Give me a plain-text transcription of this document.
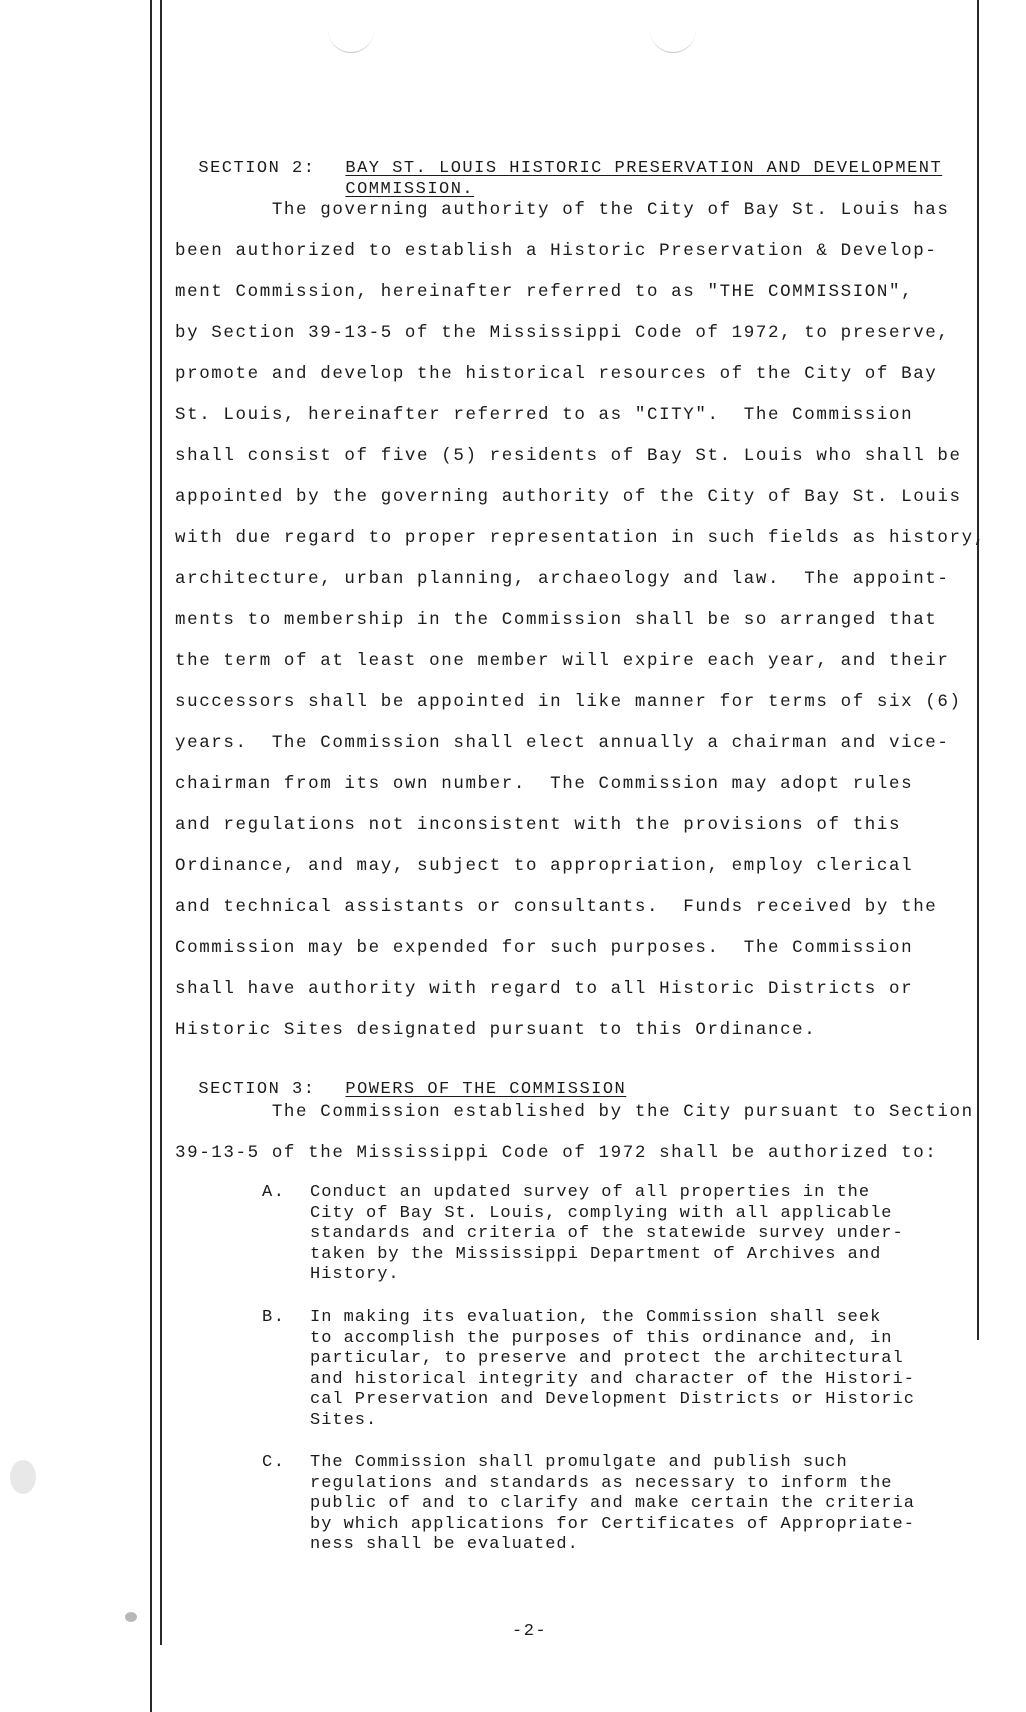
SECTION 2:	BAY ST. LOUIS HISTORIC PRESERVATION AND DEVELOPMENT

COMMISSION.

The governing authority of the City of Bay St. Louis has
been authorized to establish a Historic Preservation & Develop-
ment Commission, hereinafter referred to as "THE COMMISSION",
by Section 39-13-5 of the Mississippi Code of 1972, to preserve,
promote and develop the historical resources of the City of Bay
St. Louis, hereinafter referred to as "CITY".  The Commission
shall consist of five (5) residents of Bay St. Louis who shall be
appointed by the governing authority of the City of Bay St. Louis
with due regard to proper representation in such fields as history,
architecture, urban planning, archaeology and law.  The appoint-
ments to membership in the Commission shall be so arranged that
the term of at least one member will expire each year, and their
successors shall be appointed in like manner for terms of six (6)
years.  The Commission shall elect annually a chairman and vice-
chairman from its own number.  The Commission may adopt rules
and regulations not inconsistent with the provisions of this
Ordinance, and may, subject to appropriation, employ clerical
and technical assistants or consultants.  Funds received by the
Commission may be expended for such purposes.  The Commission
shall have authority with regard to all Historic Districts or
Historic Sites designated pursuant to this Ordinance.

SECTION 3:	POWERS OF THE COMMISSION

The Commission established by the City pursuant to Section
39-13-5 of the Mississippi Code of 1972 shall be authorized to:
A. Conduct an updated survey of all properties in the
City of Bay St. Louis, complying with all applicable
standards and criteria of the statewide survey under-
taken by the Mississippi Department of Archives and
History.
B. In making its evaluation, the Commission shall seek
to accomplish the purposes of this ordinance and, in
particular, to preserve and protect the architectural
and historical integrity and character of the Histori-
cal Preservation and Development Districts or Historic
Sites.
C. The Commission shall promulgate and publish such
regulations and standards as necessary to inform the
public of and to clarify and make certain the criteria
by which applications for Certificates of Appropriate-
ness shall be evaluated.
-2-
